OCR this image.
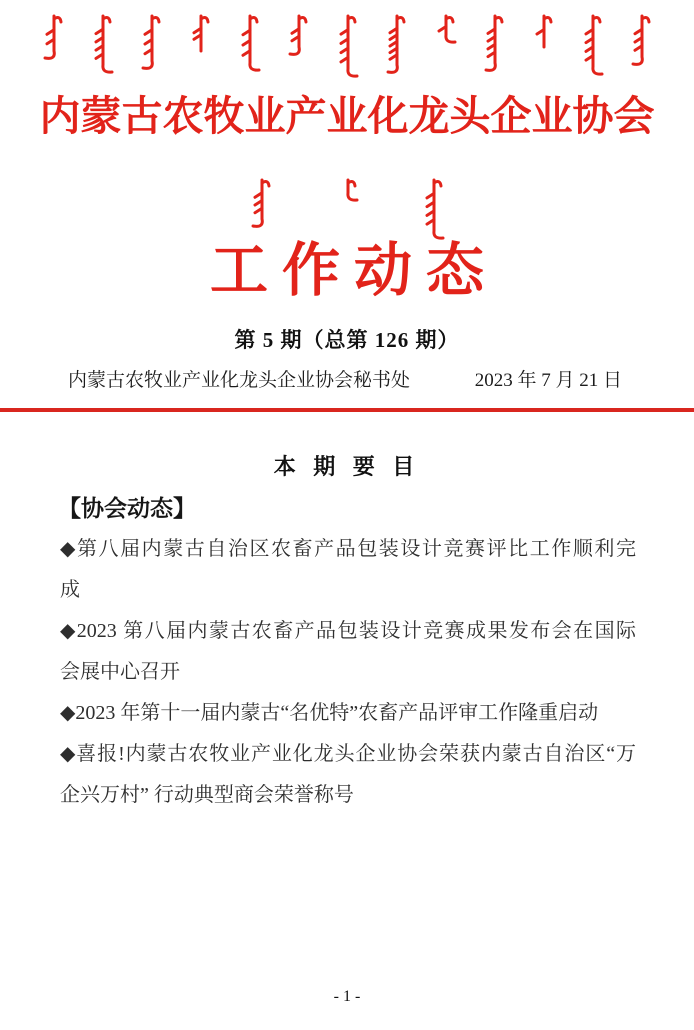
内蒙古农牧业产业化龙头企业协会
工作动态
第 5 期（总第 126 期）
内蒙古农牧业产业化龙头企业协会秘书处	2023 年 7 月 21 日
本 期 要 目
【协会动态】
◆第八届内蒙古自治区农畜产品包装设计竞赛评比工作顺利完
成
◆2023 第八届内蒙古农畜产品包装设计竞赛成果发布会在国际
会展中心召开
◆2023 年第十一届内蒙古“名优特”农畜产品评审工作隆重启动
◆喜报!内蒙古农牧业产业化龙头企业协会荣获内蒙古自治区“万
企兴万村” 行动典型商会荣誉称号
- 1 -
